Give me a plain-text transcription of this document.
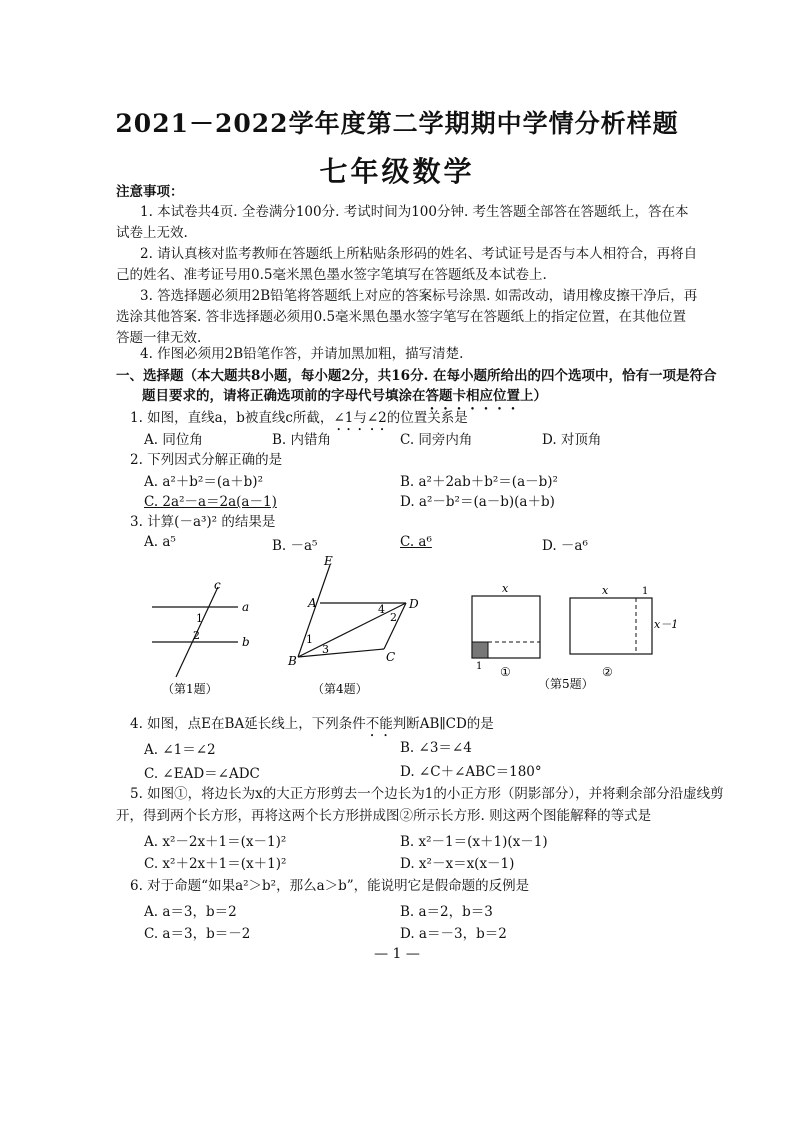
2021－2022学年度第二学期期中学情分析样题
七年级数学
注意事项：
1. 本试卷共4页. 全卷满分100分. 考试时间为100分钟. 考生答题全部答在答题纸上，答在本试卷上无效.
2. 请认真核对监考教师在答题纸上所粘贴条形码的姓名、考试证号是否与本人相符合，再将自己的姓名、准考证号用0.5毫米黑色墨水签字笔填写在答题纸及本试卷上.
3. 答选择题必须用2B铅笔将答题纸上对应的答案标号涂黑. 如需改动，请用橡皮擦干净后，再选涂其他答案. 答非选择题必须用0.5毫米黑色墨水签字笔写在答题纸上的指定位置，在其他位置答题一律无效.
4. 作图必须用2B铅笔作答，并请加黑加粗，描写清楚.
一、选择题（本大题共8小题，每小题2分，共16分. 在每小题所给出的四个选项中，恰有一项是符合
题目要求的，请将正确选项前的字母代号填涂在答题卡相应位置上）
1. 如图，直线a，b被直线c所截，∠1与∠2的位置关系是
A. 同位角	B. 内错角	C. 同旁内角	D. 对顶角
2. 下列因式分解正确的是
A. a²＋b²＝(a＋b)²	B. a²＋2ab＋b²＝(a－b)²
C. 2a²－a＝2a(a－1)	D. a²－b²＝(a－b)(a＋b)
3. 计算(－a³)² 的结果是
A. a⁵	B. －a⁵	C. a⁶	D. －a⁶
c
a
b
1
2
（第1题）
E
A	D
B	C
1
2
3
4
（第4题）
x
1 ①
x	1
x－1
②
（第5题）
4. 如图，点E在BA延长线上，下列条件不能判断AB∥CD的是
A. ∠1＝∠2	B. ∠3＝∠4
C. ∠EAD＝∠ADC	D. ∠C＋∠ABC＝180°
5. 如图①，将边长为x的大正方形剪去一个边长为1的小正方形（阴影部分），并将剩余部分沿虚线剪
开，得到两个长方形，再将这两个长方形拼成图②所示长方形. 则这两个图能解释的等式是
A. x²－2x＋1＝(x－1)²	B. x²－1＝(x＋1)(x－1)
C. x²＋2x＋1＝(x＋1)²	D. x²－x＝x(x－1)
6. 对于命题“如果a²＞b²，那么a＞b”，能说明它是假命题的反例是
A. a＝3，b＝2	B. a＝2，b＝3
C. a＝3，b＝－2	D. a＝－3，b＝2
— 1 —
